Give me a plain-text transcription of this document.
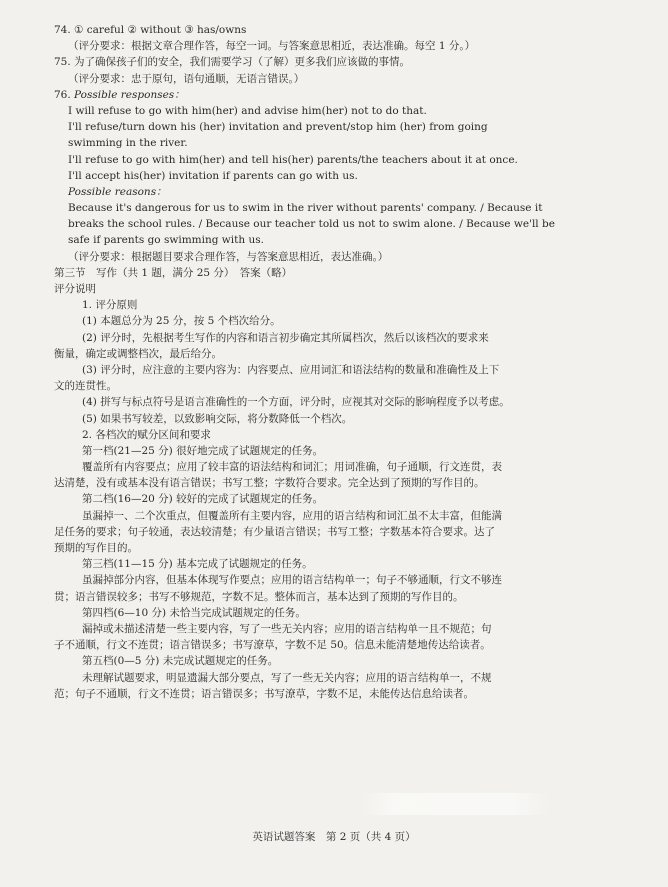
74. ① careful ② without ③ has/owns
（评分要求：根据文章合理作答，每空一词。与答案意思相近，表达准确。每空 1 分。）
75. 为了确保孩子们的安全，我们需要学习（了解）更多我们应该做的事情。
（评分要求：忠于原句，语句通顺，无语言错误。）
76. Possible responses：
I will refuse to go with him(her) and advise him(her) not to do that.
I'll refuse/turn down his (her) invitation and prevent/stop him (her) from going
swimming in the river.
I'll refuse to go with him(her) and tell his(her) parents/the teachers about it at once.
I'll accept his(her) invitation if parents can go with us.
Possible reasons：
Because it's dangerous for us to swim in the river without parents' company. / Because it
breaks the school rules. / Because our teacher told us not to swim alone. / Because we'll be
safe if parents go swimming with us.
（评分要求：根据题目要求合理作答，与答案意思相近，表达准确。）
第三节　写作（共 1 题，满分 25 分）　答案（略）
评分说明
1. 评分原则
(1) 本题总分为 25 分，按 5 个档次给分。
(2) 评分时，先根据考生写作的内容和语言初步确定其所属档次，然后以该档次的要求来
衡量，确定或调整档次，最后给分。
(3) 评分时，应注意的主要内容为：内容要点、应用词汇和语法结构的数量和准确性及上下
文的连贯性。
(4) 拼写与标点符号是语言准确性的一个方面，评分时，应视其对交际的影响程度予以考虑。
(5) 如果书写较差，以致影响交际，将分数降低一个档次。
2. 各档次的赋分区间和要求
第一档(21—25 分) 很好地完成了试题规定的任务。
覆盖所有内容要点；应用了较丰富的语法结构和词汇；用词准确，句子通顺，行文连贯，表
达清楚，没有或基本没有语言错误；书写工整；字数符合要求。完全达到了预期的写作目的。
第二档(16—20 分) 较好的完成了试题规定的任务。
虽漏掉一、二个次重点，但覆盖所有主要内容，应用的语言结构和词汇虽不太丰富，但能满
足任务的要求；句子较通，表达较清楚；有少量语言错误；书写工整；字数基本符合要求。达了
预期的写作目的。
第三档(11—15 分) 基本完成了试题规定的任务。
虽漏掉部分内容，但基本体现写作要点；应用的语言结构单一；句子不够通顺，行文不够连
贯；语言错误较多；书写不够规范，字数不足。整体而言，基本达到了预期的写作目的。
第四档(6—10 分) 未恰当完成试题规定的任务。
漏掉或未描述清楚一些主要内容，写了一些无关内容；应用的语言结构单一且不规范；句
子不通顺，行文不连贯；语言错误多；书写潦草，字数不足 50。信息未能清楚地传达给读者。
第五档(0—5 分) 未完成试题规定的任务。
未理解试题要求，明显遗漏大部分要点，写了一些无关内容；应用的语言结构单一，不规
范；句子不通顺，行文不连贯；语言错误多；书写潦草，字数不足，未能传达信息给读者。
英语试题答案　第 2 页（共 4 页）
